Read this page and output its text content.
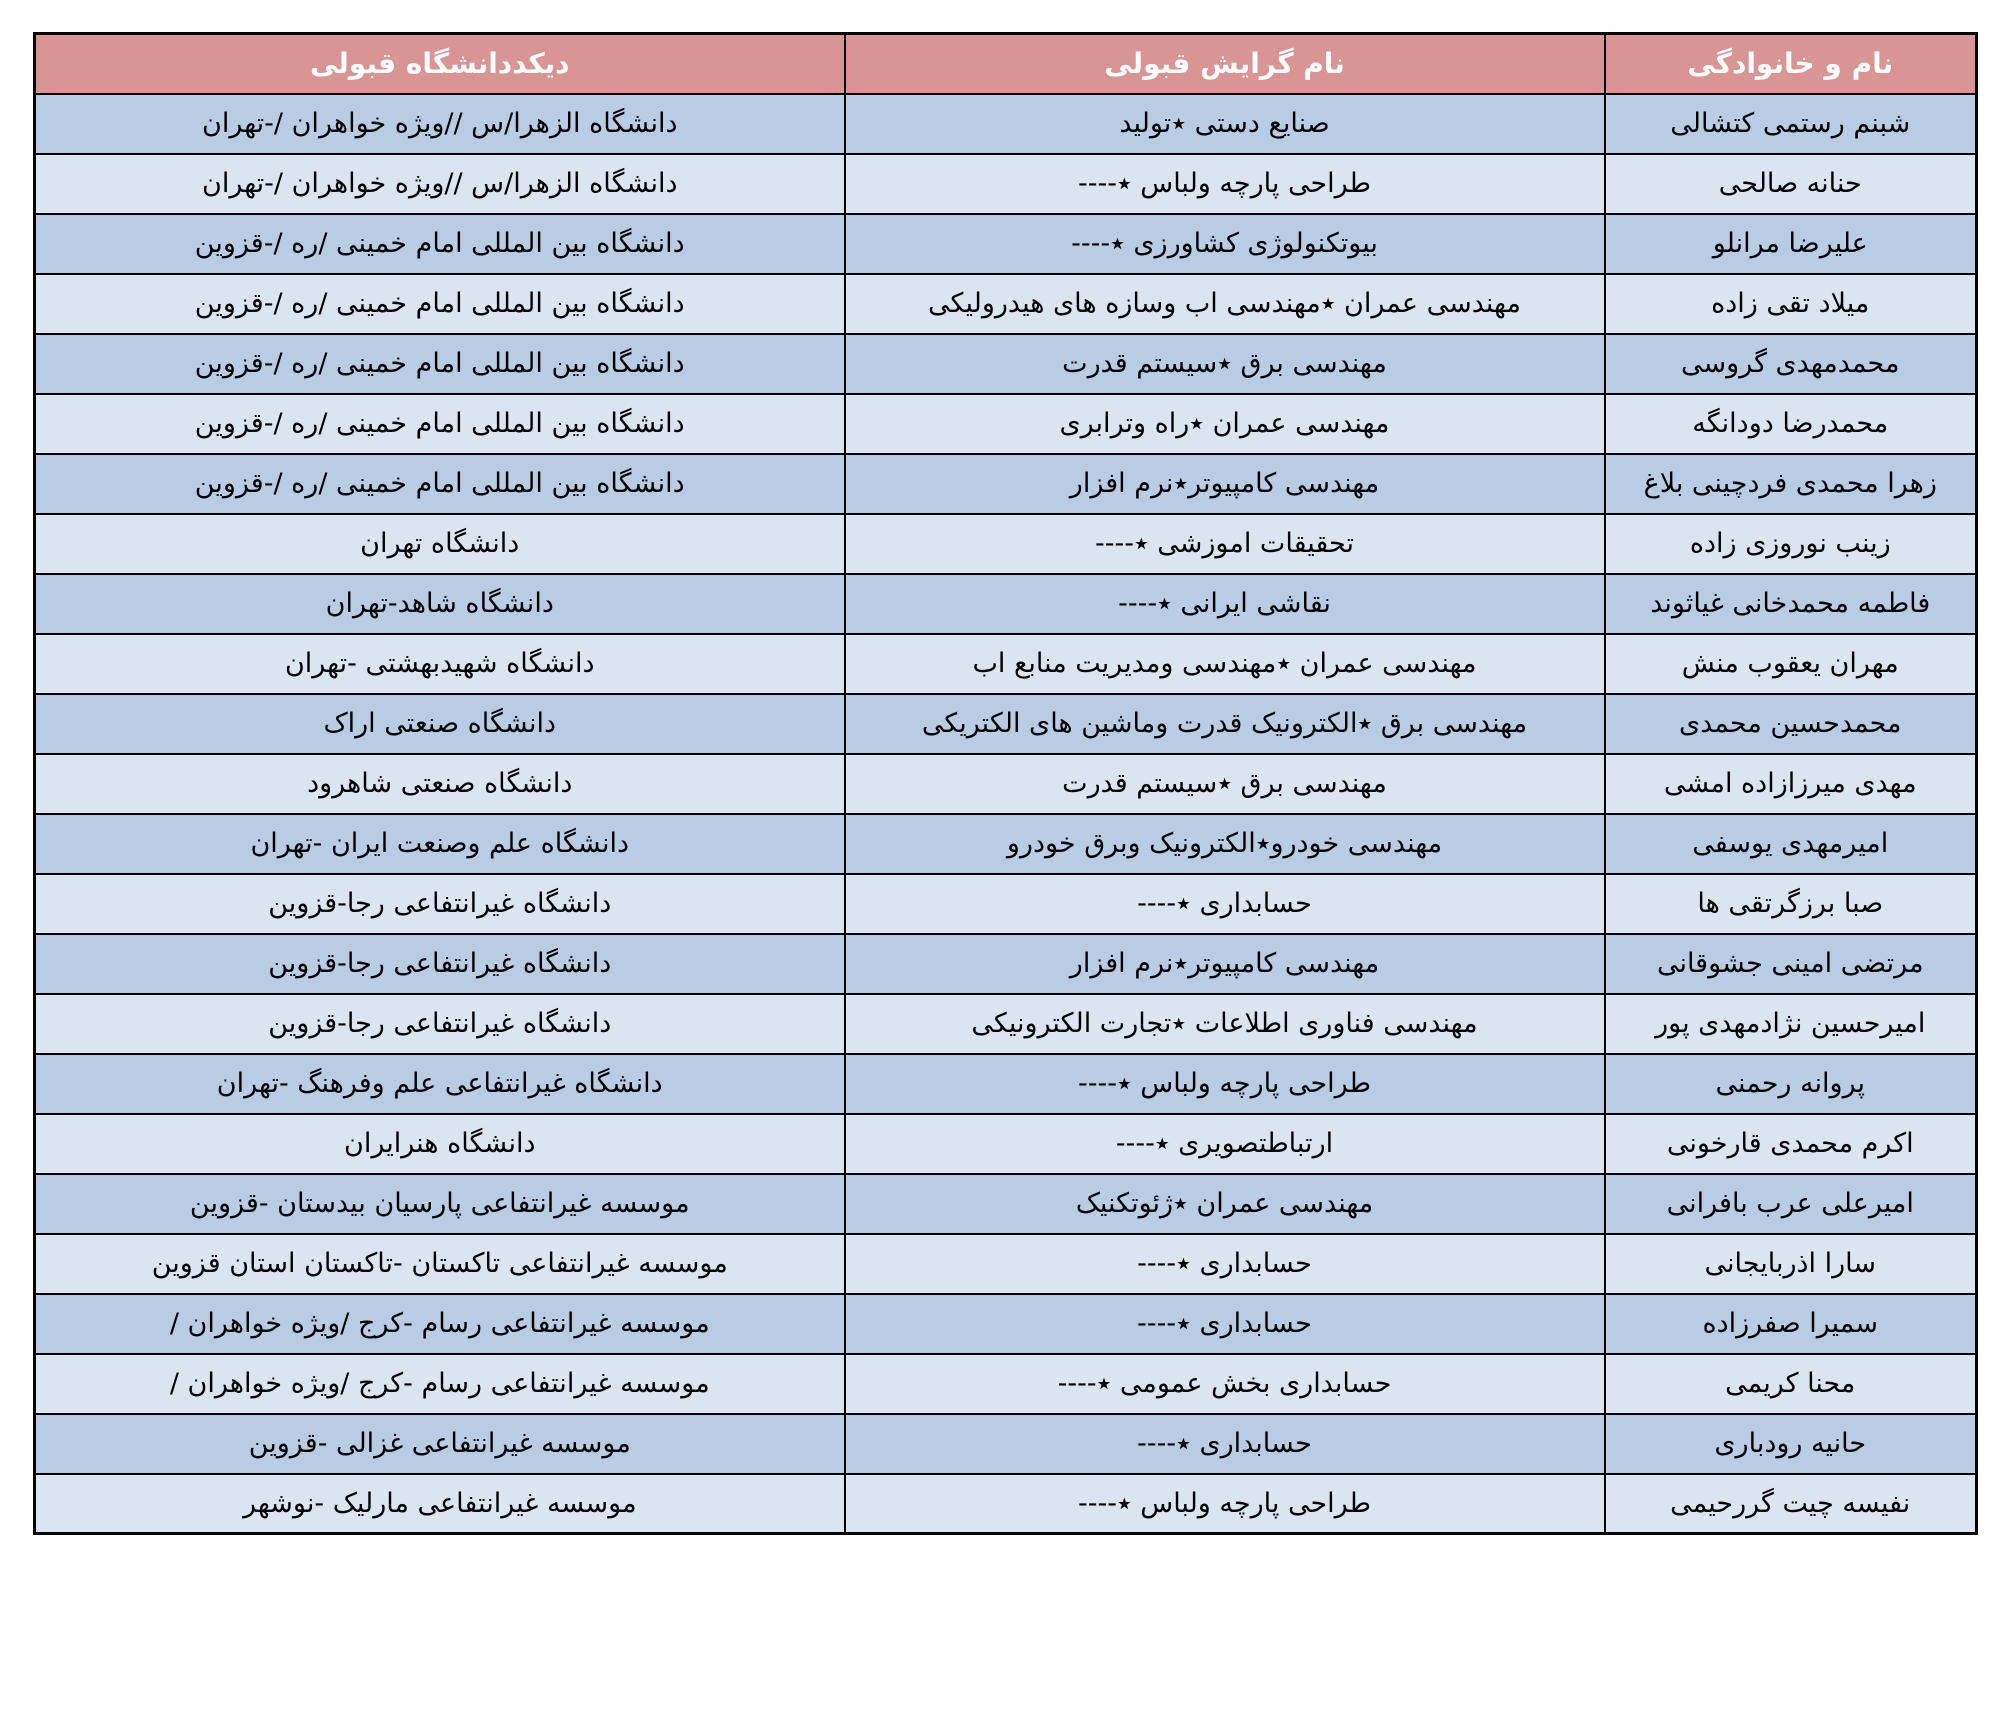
دیکددانشگاه قبولی	نام گرایش قبولی	نام و خانوادگی
دانشگاه الزهرا/س //ویژه خواهران /-تهران	صنایع دستی ٭تولید	شبنم رستمی کتشالی
دانشگاه الزهرا/س //ویژه خواهران /-تهران	طراحی پارچه ولباس ٭----	حنانه صالحی
دانشگاه بین المللی امام خمینی /ره /-قزوین	بیوتکنولوژی کشاورزی ٭----	علیرضا مرانلو
دانشگاه بین المللی امام خمینی /ره /-قزوین	مهندسی عمران ٭مهندسی اب وسازه های هیدرولیکی	میلاد تقی زاده
دانشگاه بین المللی امام خمینی /ره /-قزوین	مهندسی برق ٭سیستم قدرت	محمدمهدی گروسی
دانشگاه بین المللی امام خمینی /ره /-قزوین	مهندسی عمران ٭راه وترابری	محمدرضا دودانگه
دانشگاه بین المللی امام خمینی /ره /-قزوین	مهندسی کامپیوتر٭نرم افزار	زهرا محمدی فردچینی بلاغ
دانشگاه تهران	تحقیقات اموزشی ٭----	زینب نوروزی زاده
دانشگاه شاهد-تهران	نقاشی ایرانی ٭----	فاطمه محمدخانی غیاثوند
دانشگاه شهیدبهشتی -تهران	مهندسی عمران ٭مهندسی ومدیریت منابع اب	مهران یعقوب منش
دانشگاه صنعتی اراک	مهندسی برق ٭الکترونیک قدرت وماشین های الکتریکی	محمدحسین محمدی
دانشگاه صنعتی شاهرود	مهندسی برق ٭سیستم قدرت	مهدی میرزازاده امشی
دانشگاه علم وصنعت ایران -تهران	مهندسی خودرو٭الکترونیک وبرق خودرو	امیرمهدی یوسفی
دانشگاه غیرانتفاعی رجا-قزوین	حسابداری ٭----	صبا برزگرتقی ها
دانشگاه غیرانتفاعی رجا-قزوین	مهندسی کامپیوتر٭نرم افزار	مرتضی امینی جشوقانی
دانشگاه غیرانتفاعی رجا-قزوین	مهندسی فناوری اطلاعات ٭تجارت الکترونیکی	امیرحسین نژادمهدی پور
دانشگاه غیرانتفاعی علم وفرهنگ -تهران	طراحی پارچه ولباس ٭----	پروانه رحمنی
دانشگاه هنرایران	ارتباطتصویری ٭----	اکرم محمدی قارخونی
موسسه غیرانتفاعی پارسیان بیدستان -قزوین	مهندسی عمران ٭ژئوتکنیک	امیرعلی عرب بافرانی
موسسه غیرانتفاعی تاکستان -تاکستان استان قزوین	حسابداری ٭----	سارا اذربایجانی
موسسه غیرانتفاعی رسام -کرج /ویژه خواهران /	حسابداری ٭----	سمیرا صفرزاده
موسسه غیرانتفاعی رسام -کرج /ویژه خواهران /	حسابداری بخش عمومی ٭----	محنا کریمی
موسسه غیرانتفاعی غزالی -قزوین	حسابداری ٭----	حانیه رودباری
موسسه غیرانتفاعی مارلیک -نوشهر	طراحی پارچه ولباس ٭----	نفیسه چیت گررحیمی
